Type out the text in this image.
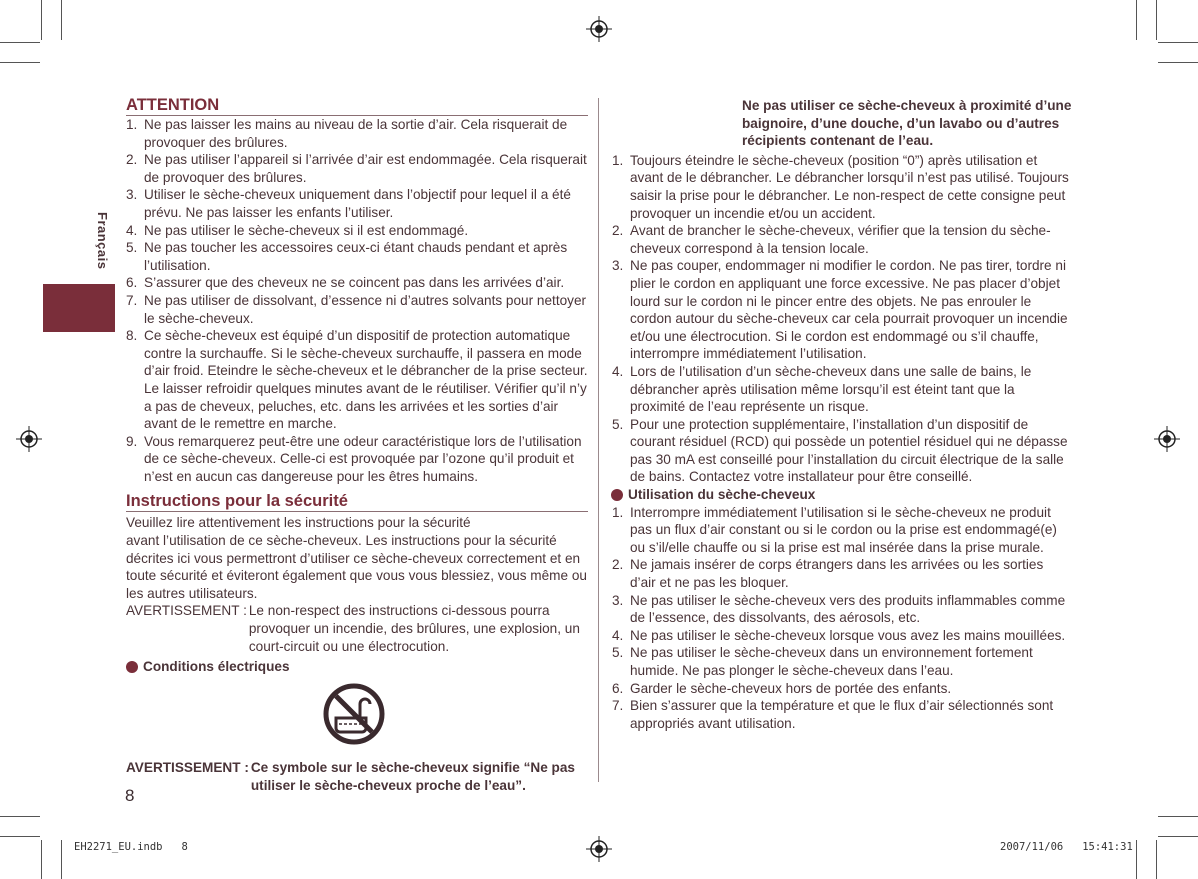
Français
ATTENTION
1. Ne pas laisser les mains au niveau de la sortie d’air. Cela risquerait de provoquer des brûlures.
2. Ne pas utiliser l’appareil si l’arrivée d’air est endommagée. Cela risquerait de provoquer des brûlures.
3. Utiliser le sèche-cheveux uniquement dans l’objectif pour lequel il a été prévu. Ne pas laisser les enfants l’utiliser.
4. Ne pas utiliser le sèche-cheveux si il est endommagé.
5. Ne pas toucher les accessoires ceux-ci étant chauds pendant et après l’utilisation.
6. S’assurer que des cheveux ne se coincent pas dans les arrivées d’air.
7. Ne pas utiliser de dissolvant, d’essence ni d’autres solvants pour nettoyer le sèche-cheveux.
8. Ce sèche-cheveux est équipé d’un dispositif de protection automatique contre la surchauffe. Si le sèche-cheveux surchauffe, il passera en mode d’air froid. Eteindre le sèche-cheveux et le débrancher de la prise secteur. Le laisser refroidir quelques minutes avant de le réutiliser. Vérifier qu’il n’y a pas de cheveux, peluches, etc. dans les arrivées et les sorties d’air avant de le remettre en marche.
9. Vous remarquerez peut-être une odeur caractéristique lors de l’utilisation de ce sèche-cheveux. Celle-ci est provoquée par l’ozone qu’il produit et n’est en aucun cas dangereuse pour les êtres humains.
Instructions pour la sécurité
Veuillez lire attentivement les instructions pour la sécurité
avant l’utilisation de ce sèche-cheveux. Les instructions pour la sécurité décrites ici vous permettront d’utiliser ce sèche-cheveux correctement et en toute sécurité et éviteront également que vous vous blessiez, vous même ou les autres utilisateurs.
AVERTISSEMENT : Le non-respect des instructions ci-dessous pourra provoquer un incendie, des brûlures, une explosion, un court-circuit ou une électrocution.
Conditions électriques
AVERTISSEMENT : Ce symbole sur le sèche-cheveux signifie “Ne pas utiliser le sèche-cheveux proche de l’eau”.
8
Ne pas utiliser ce sèche-cheveux à proximité d’une baignoire, d’une douche, d’un lavabo ou d’autres récipients contenant de l’eau.
1. Toujours éteindre le sèche-cheveux (position “0”) après utilisation et avant de le débrancher. Le débrancher lorsqu’il n’est pas utilisé. Toujours saisir la prise pour le débrancher. Le non-respect de cette consigne peut provoquer un incendie et/ou un accident.
2. Avant de brancher le sèche-cheveux, vérifier que la tension du sèche-cheveux correspond à la tension locale.
3. Ne pas couper, endommager ni modifier le cordon. Ne pas tirer, tordre ni plier le cordon en appliquant une force excessive. Ne pas placer d’objet lourd sur le cordon ni le pincer entre des objets. Ne pas enrouler le cordon autour du sèche-cheveux car cela pourrait provoquer un incendie et/ou une électrocution. Si le cordon est endommagé ou s’il chauffe, interrompre immédiatement l’utilisation.
4. Lors de l’utilisation d’un sèche-cheveux dans une salle de bains, le débrancher après utilisation même lorsqu’il est éteint tant que la proximité de l’eau représente un risque.
5. Pour une protection supplémentaire, l’installation d’un dispositif de courant résiduel (RCD) qui possède un potentiel résiduel qui ne dépasse pas 30 mA est conseillé pour l’installation du circuit électrique de la salle de bains. Contactez votre installateur pour être conseillé.
Utilisation du sèche-cheveux
1. Interrompre immédiatement l’utilisation si le sèche-cheveux ne produit pas un flux d’air constant ou si le cordon ou la prise est endommagé(e) ou s’il/elle chauffe ou si la prise est mal insérée dans la prise murale.
2. Ne jamais insérer de corps étrangers dans les arrivées ou les sorties d’air et ne pas les bloquer.
3. Ne pas utiliser le sèche-cheveux vers des produits inflammables comme de l’essence, des dissolvants, des aérosols, etc.
4. Ne pas utiliser le sèche-cheveux lorsque vous avez les mains mouillées.
5. Ne pas utiliser le sèche-cheveux dans un environnement fortement humide. Ne pas plonger le sèche-cheveux dans l’eau.
6. Garder le sèche-cheveux hors de portée des enfants.
7. Bien s’assurer que la température et que le flux d’air sélectionnés sont appropriés avant utilisation.
EH2271_EU.indb 8	2007/11/06 15:41:31
